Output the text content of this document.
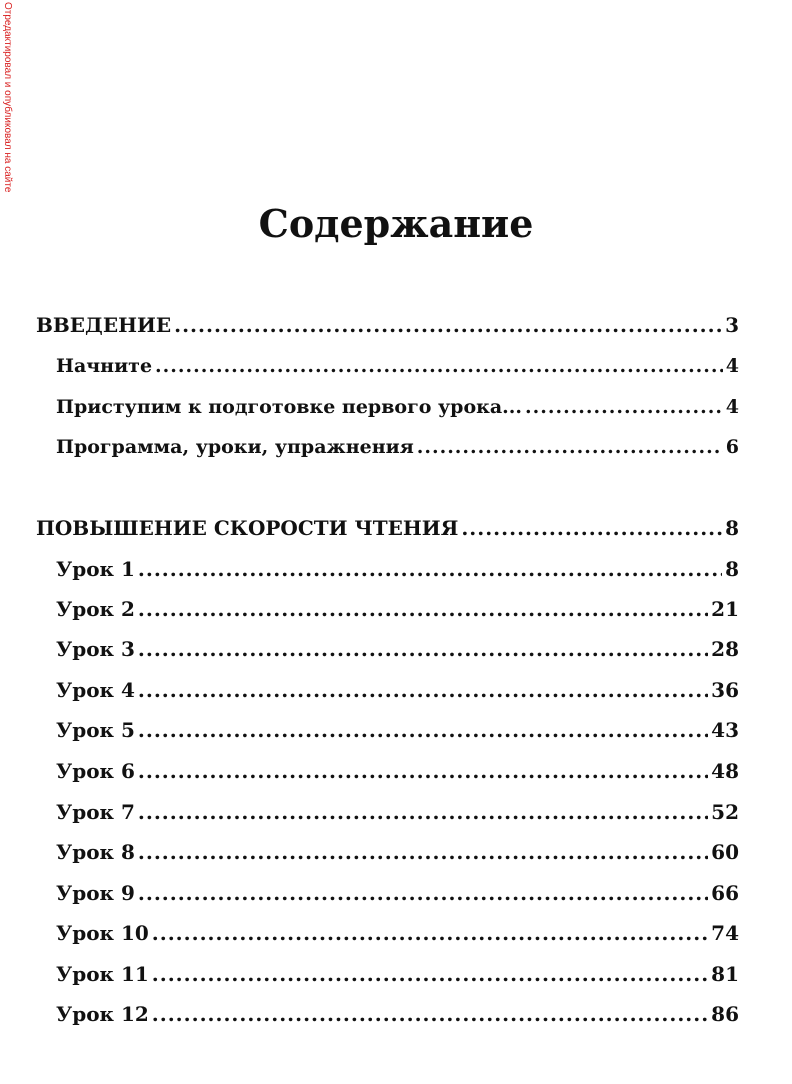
Отредактировал и опубликовал на сайте
Содержание
ВВЕДЕНИЕ .....	3
Начните .....	4
Приступим к подготовке первого урока... .....	4
Программа, уроки, упражнения .....	6
ПОВЫШЕНИЕ СКОРОСТИ ЧТЕНИЯ .....	8
Урок 1 .....	8
Урок 2 .....	21
Урок 3 .....	28
Урок 4 .....	36
Урок 5 .....	43
Урок 6 .....	48
Урок 7 .....	52
Урок 8 .....	60
Урок 9 .....	66
Урок 10 .....	74
Урок 11 .....	81
Урок 12 .....	86
